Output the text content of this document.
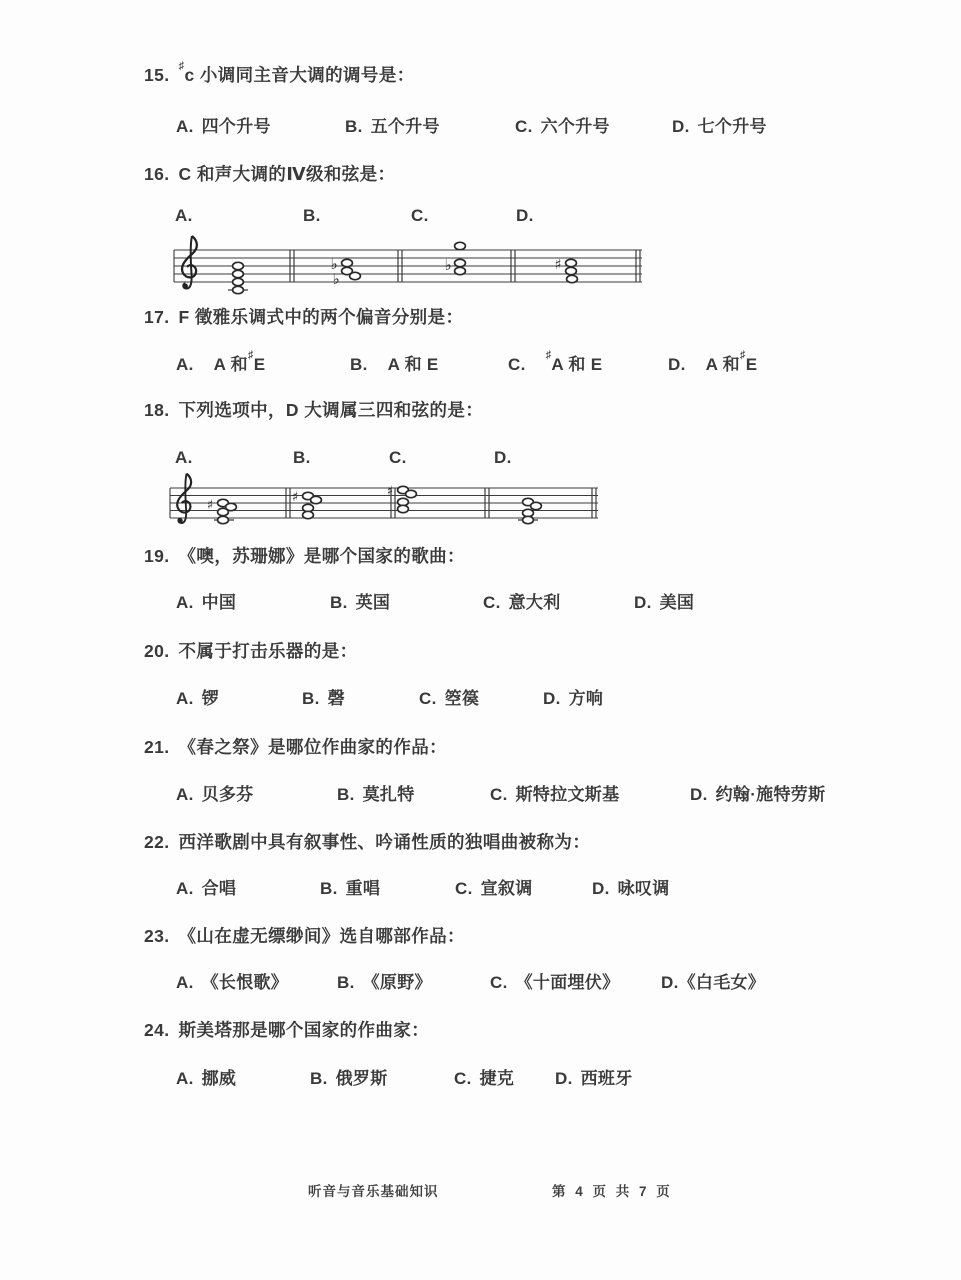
15. ♯c 小调同主音大调的调号是：
A. 四个升号	B. 五个升号	C. 六个升号	D. 七个升号
16. C 和声大调的Ⅳ级和弦是：
A.	B.	C.	D.
♭
♭
♭	♯
17. F 徵雅乐调式中的两个偏音分别是：
A. A 和♯E	B. A 和 E	C. ♯A 和 E	D. A 和♯E
18. 下列选项中，D 大调属三四和弦的是：
A.	B.	C.	D.
♯
♯	♯
19. 《噢，苏珊娜》是哪个国家的歌曲：
A. 中国	B. 英国	C. 意大利	D. 美国
20. 不属于打击乐器的是：
A. 锣	B. 磬	C. 箜篌	D. 方响
21. 《春之祭》是哪位作曲家的作品：
A. 贝多芬	B. 莫扎特	C. 斯特拉文斯基	D. 约翰·施特劳斯
22. 西洋歌剧中具有叙事性、吟诵性质的独唱曲被称为：
A. 合唱	B. 重唱	C. 宣叙调	D. 咏叹调
23. 《山在虚无缥缈间》选自哪部作品：
A. 《长恨歌》	B. 《原野》	C. 《十面埋伏》 D.《白毛女》
24. 斯美塔那是哪个国家的作曲家：
A. 挪威	B. 俄罗斯	C. 捷克 D. 西班牙
听音与音乐基础知识	第 4 页 共 7 页
